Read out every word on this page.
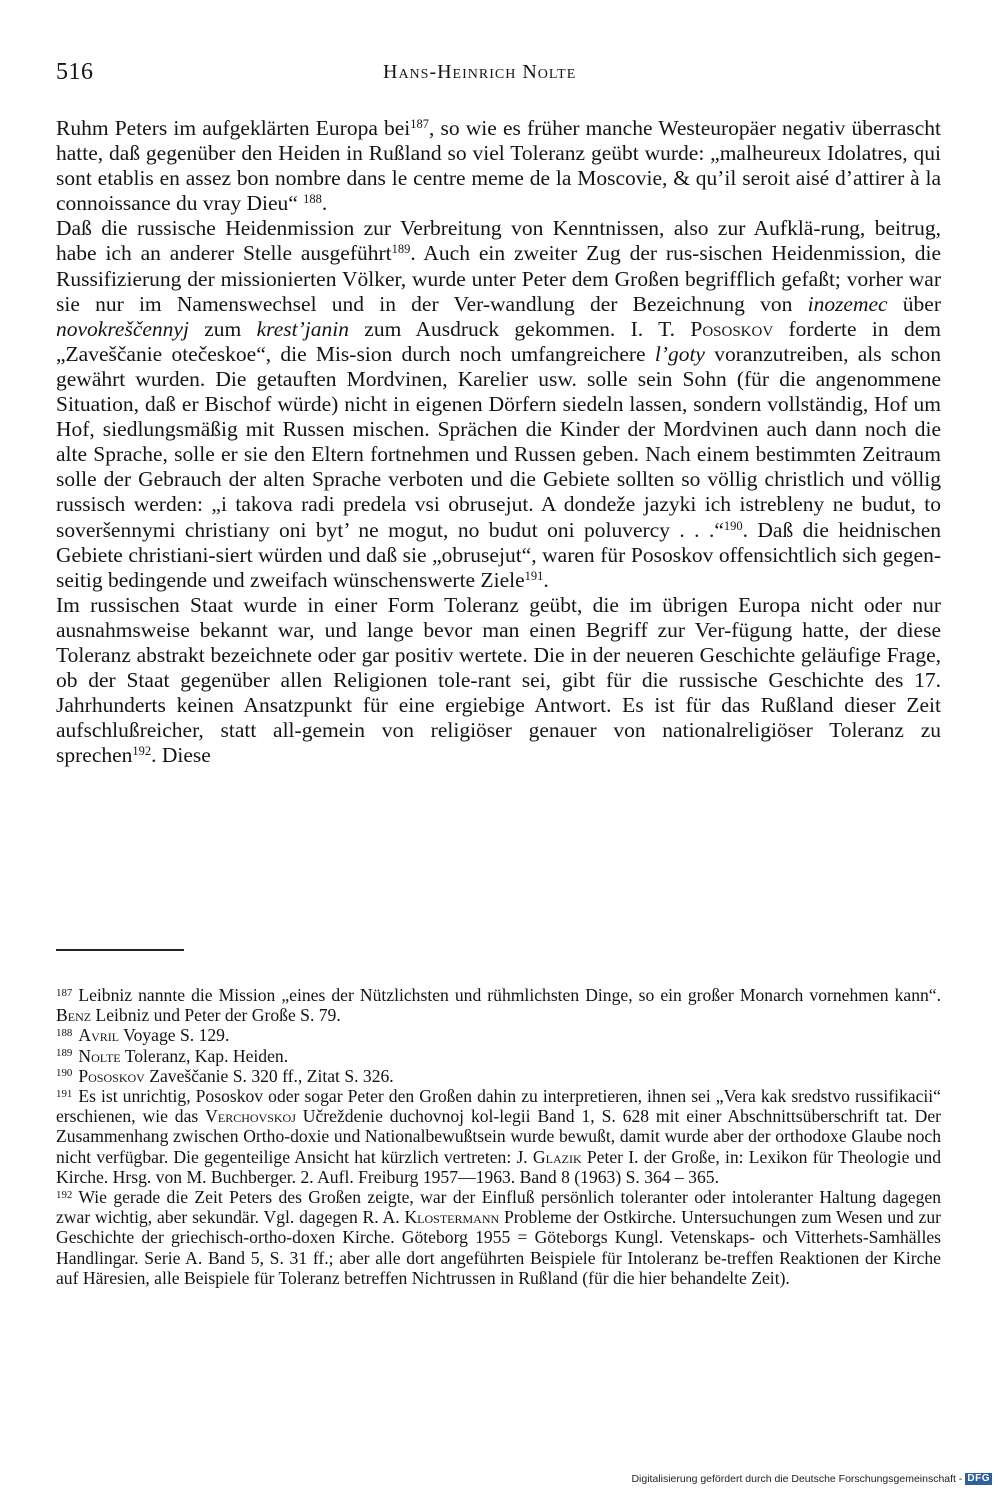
516	Hans-Heinrich Nolte

Ruhm Peters im aufgeklärten Europa bei$^{187}$, so wie es früher manche Westeuropäer negativ überrascht hatte, daß gegenüber den Heiden in Rußland so viel Toleranz geübt wurde: „malheureux Idolatres, qui sont etablis en assez bon nombre dans le centre meme de la Moscovie, & qu’il seroit aisé d’attirer à la connoissance du vray Dieu“ $^{188}$.

Daß die russische Heidenmission zur Verbreitung von Kenntnissen, also zur Aufklä-rung, beitrug, habe ich an anderer Stelle ausgeführt$^{189}$. Auch ein zweiter Zug der rus-sischen Heidenmission, die Russifizierung der missionierten Völker, wurde unter Peter dem Großen begrifflich gefaßt; vorher war sie nur im Namenswechsel und in der Ver-wandlung der Bezeichnung von inozemec über novokreščennyj zum krest’janin zum Ausdruck gekommen. I. T. Pososkov forderte in dem „Zaveščanie otečeskoe“, die Mis-sion durch noch umfangreichere l’goty voranzutreiben, als schon gewährt wurden. Die getauften Mordvinen, Karelier usw. solle sein Sohn (für die angenommene Situation, daß er Bischof würde) nicht in eigenen Dörfern siedeln lassen, sondern vollständig, Hof um Hof, siedlungsmäßig mit Russen mischen. Sprächen die Kinder der Mordvinen auch dann noch die alte Sprache, solle er sie den Eltern fortnehmen und Russen geben. Nach einem bestimmten Zeitraum solle der Gebrauch der alten Sprache verboten und die Gebiete sollten so völlig christlich und völlig russisch werden: „i takova radi predela vsi obrusejut. A dondeže jazyki ich istrebleny ne budut, to soveršennymi christiany oni byt’ ne mogut, no budut oni poluvercy . . .“$^{190}$. Daß die heidnischen Gebiete christiani-siert würden und daß sie „obrusejut“, waren für Pososkov offensichtlich sich gegen-seitig bedingende und zweifach wünschenswerte Ziele$^{191}$.

Im russischen Staat wurde in einer Form Toleranz geübt, die im übrigen Europa nicht oder nur ausnahmsweise bekannt war, und lange bevor man einen Begriff zur Ver-fügung hatte, der diese Toleranz abstrakt bezeichnete oder gar positiv wertete. Die in der neueren Geschichte geläufige Frage, ob der Staat gegenüber allen Religionen tole-rant sei, gibt für die russische Geschichte des 17. Jahrhunderts keinen Ansatzpunkt für eine ergiebige Antwort. Es ist für das Rußland dieser Zeit aufschlußreicher, statt all-gemein von religiöser genauer von nationalreligiöser Toleranz zu sprechen$^{192}$. Diese

$^{187}$ Leibniz nannte die Mission „eines der Nützlichsten und rühmlichsten Dinge, so ein großer Monarch vornehmen kann“. Benz Leibniz und Peter der Große S. 79.

$^{188}$ Avril Voyage S. 129.

$^{189}$ Nolte Toleranz, Kap. Heiden.

$^{190}$ Pososkov Zaveščanie S. 320 ff., Zitat S. 326.

$^{191}$ Es ist unrichtig, Pososkov oder sogar Peter den Großen dahin zu interpretieren, ihnen sei „Vera kak sredstvo russifikacii“ erschienen, wie das Verchovskoj Učreždenie duchovnoj kol-legii Band 1, S. 628 mit einer Abschnittsüberschrift tat. Der Zusammenhang zwischen Ortho-doxie und Nationalbewußtsein wurde bewußt, damit wurde aber der orthodoxe Glaube noch nicht verfügbar. Die gegenteilige Ansicht hat kürzlich vertreten: J. Glazik Peter I. der Große, in: Lexikon für Theologie und Kirche. Hrsg. von M. Buchberger. 2. Aufl. Freiburg 1957—1963. Band 8 (1963) S. 364 – 365.

$^{192}$ Wie gerade die Zeit Peters des Großen zeigte, war der Einfluß persönlich toleranter oder intoleranter Haltung dagegen zwar wichtig, aber sekundär. Vgl. dagegen R. A. Klostermann Probleme der Ostkirche. Untersuchungen zum Wesen und zur Geschichte der griechisch-ortho-doxen Kirche. Göteborg 1955 = Göteborgs Kungl. Vetenskaps- och Vitterhets-Samhälles Handlingar. Serie A. Band 5, S. 31 ff.; aber alle dort angeführten Beispiele für Intoleranz be-treffen Reaktionen der Kirche auf Häresien, alle Beispiele für Toleranz betreffen Nichtrussen in Rußland (für die hier behandelte Zeit).

Digitalisierung gefördert durch die Deutsche Forschungsgemeinschaft - DFG
